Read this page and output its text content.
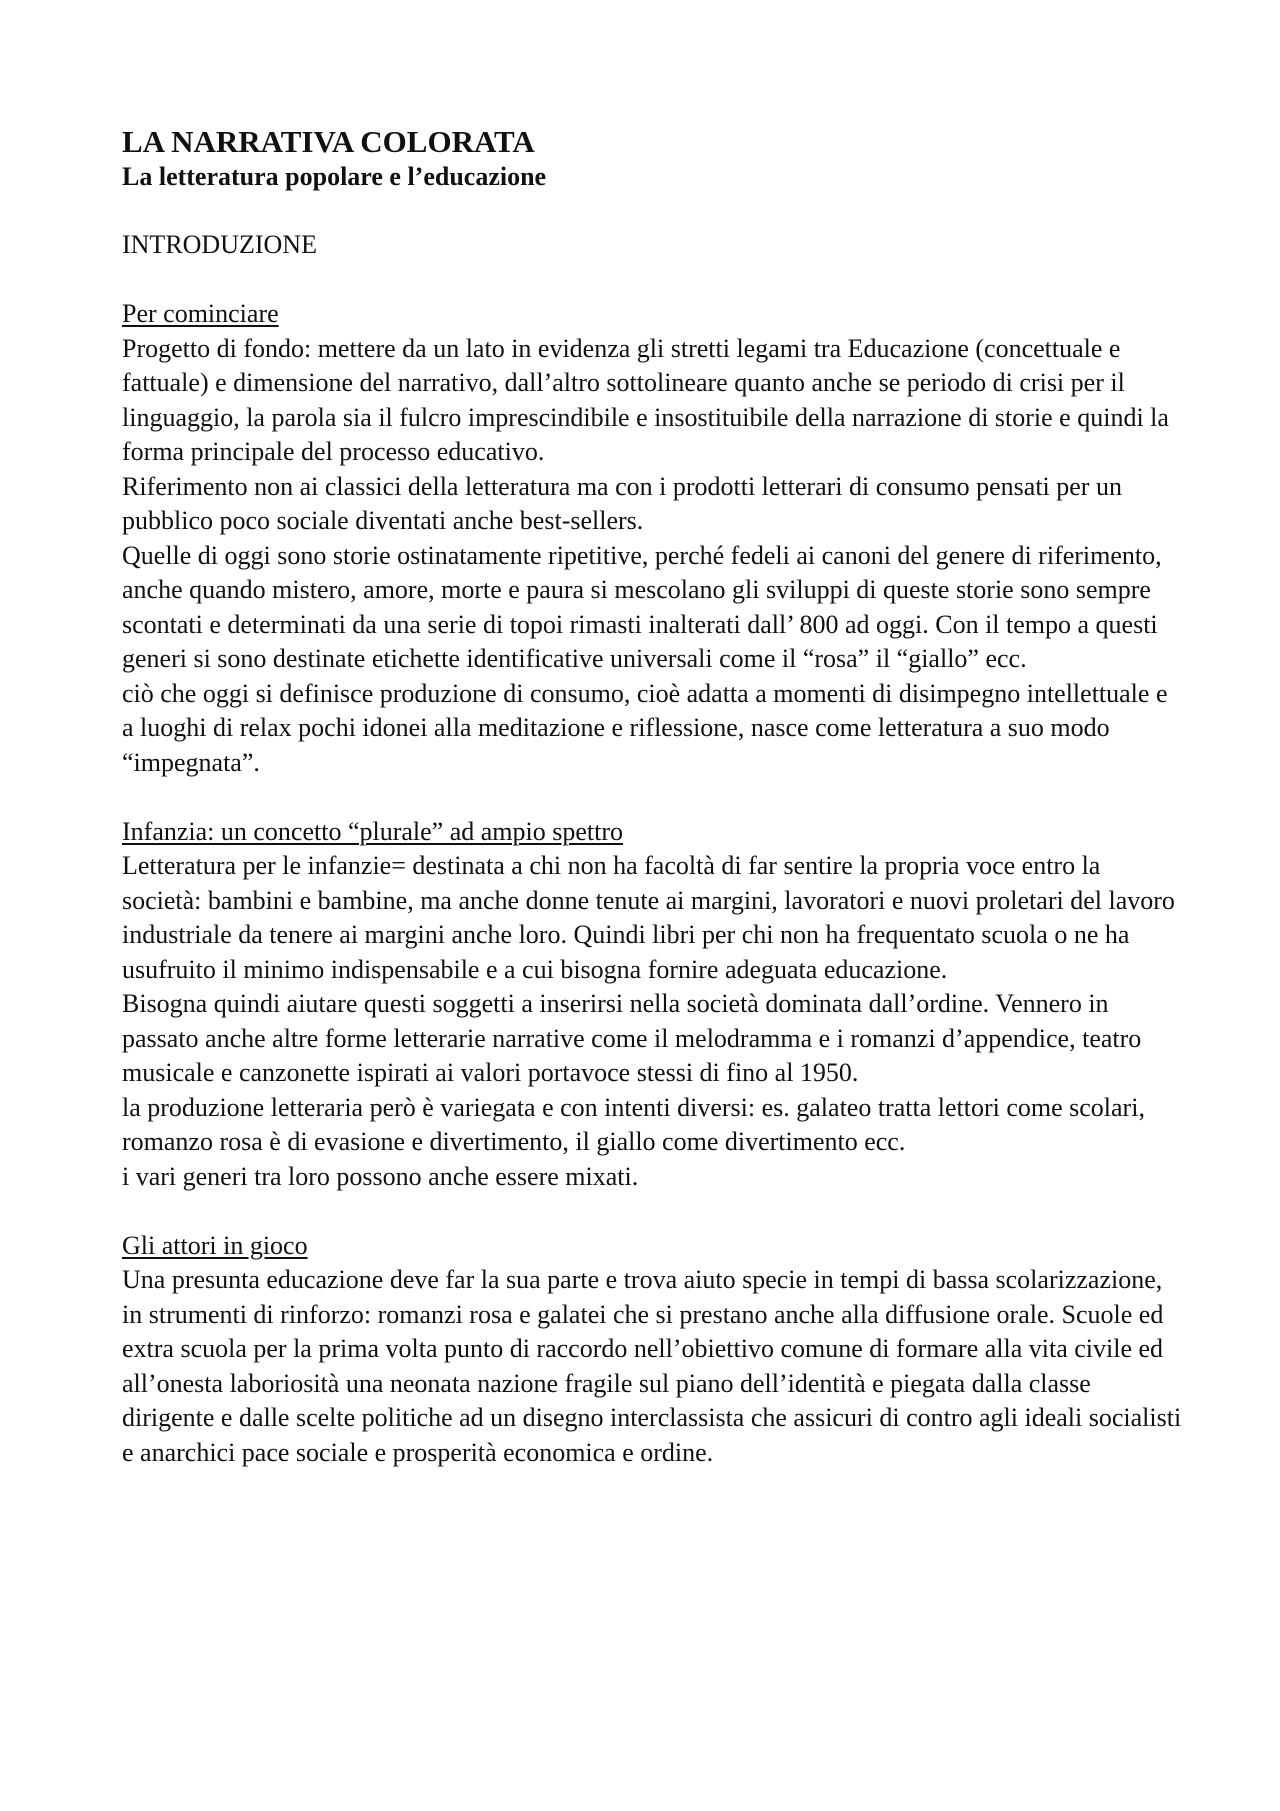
LA NARRATIVA COLORATA
La letteratura popolare e l’educazione

INTRODUZIONE

Per cominciare

Progetto di fondo: mettere da un lato in evidenza gli stretti legami tra Educazione (concettuale e fattuale) e dimensione del narrativo, dall’altro sottolineare quanto anche se periodo di crisi per il linguaggio, la parola sia il fulcro imprescindibile e insostituibile della narrazione di storie e quindi la forma principale del processo educativo.

Riferimento non ai classici della letteratura ma con i prodotti letterari di consumo pensati per un pubblico poco sociale diventati anche best-sellers.

Quelle di oggi sono storie ostinatamente ripetitive, perché fedeli ai canoni del genere di riferimento, anche quando mistero, amore, morte e paura si mescolano gli sviluppi di queste storie sono sempre scontati e determinati da una serie di topoi rimasti inalterati dall’ 800 ad oggi. Con il tempo a questi generi si sono destinate etichette identificative universali come il “rosa” il “giallo” ecc.

ciò che oggi si definisce produzione di consumo, cioè adatta a momenti di disimpegno intellettuale e a luoghi di relax pochi idonei alla meditazione e riflessione, nasce come letteratura a suo modo “impegnata”.

Infanzia: un concetto “plurale” ad ampio spettro

Letteratura per le infanzie= destinata a chi non ha facoltà di far sentire la propria voce entro la società: bambini e bambine, ma anche donne tenute ai margini, lavoratori e nuovi proletari del lavoro industriale da tenere ai margini anche loro. Quindi libri per chi non ha frequentato scuola o ne ha usufruito il minimo indispensabile e a cui bisogna fornire adeguata educazione.

Bisogna quindi aiutare questi soggetti a inserirsi nella società dominata dall’ordine. Vennero in passato anche altre forme letterarie narrative come il melodramma e i romanzi d’appendice, teatro musicale e canzonette ispirati ai valori portavoce stessi di fino al 1950.

la produzione letteraria però è variegata e con intenti diversi: es. galateo tratta lettori come scolari, romanzo rosa è di evasione e divertimento, il giallo come divertimento ecc.

i vari generi tra loro possono anche essere mixati.

Gli attori in gioco

Una presunta educazione deve far la sua parte e trova aiuto specie in tempi di bassa scolarizzazione, in strumenti di rinforzo: romanzi rosa e galatei che si prestano anche alla diffusione orale. Scuole ed extra scuola per la prima volta punto di raccordo nell’obiettivo comune di formare alla vita civile ed all’onesta laboriosità una neonata nazione fragile sul piano dell’identità e piegata dalla classe dirigente e dalle scelte politiche ad un disegno interclassista che assicuri di contro agli ideali socialisti e anarchici pace sociale e prosperità economica e ordine.
